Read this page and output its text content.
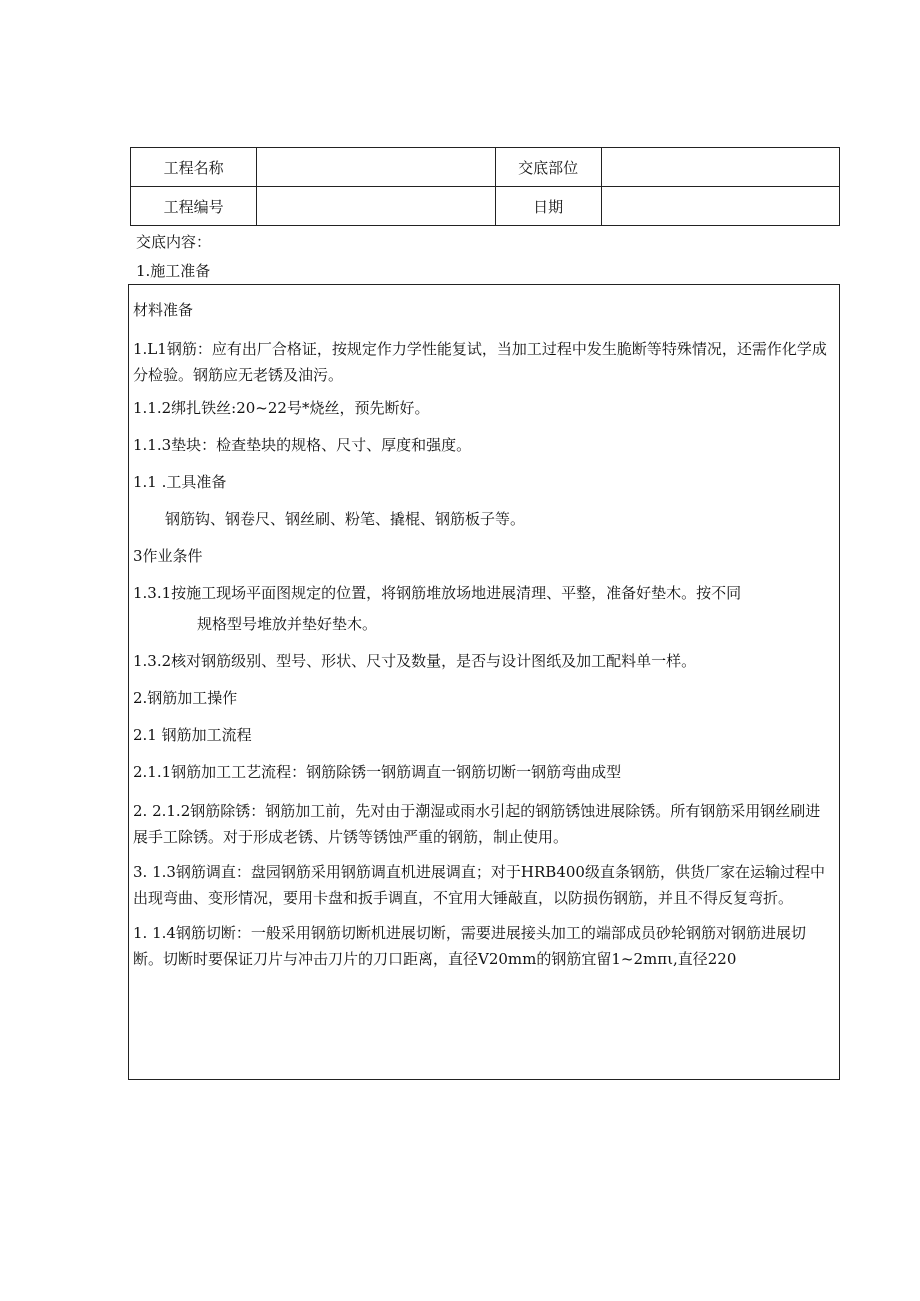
工程名称		交底部位	
工程编号		日期	
交底内容：
1.施工准备

材料准备

1.L1钢筋：应有出厂合格证，按规定作力学性能复试，当加工过程中发生脆断等特殊情况，还需作化学成分检验。钢筋应无老锈及油污。

1.1.2绑扎铁丝:20~22号*烧丝，预先断好。

1.1.3垫块：检查垫块的规格、尺寸、厚度和强度。

1.1 .工具准备

钢筋钩、钢卷尺、钢丝刷、粉笔、撬棍、钢筋板子等。

3作业条件

1.3.1按施工现场平面图规定的位置，将钢筋堆放场地进展清理、平整，准备好垫木。按不同
规格型号堆放并垫好垫木。

1.3.2核对钢筋级别、型号、形状、尺寸及数量，是否与设计图纸及加工配料单一样。

2.钢筋加工操作

2.1 钢筋加工流程

2.1.1钢筋加工工艺流程：钢筋除锈一钢筋调直一钢筋切断一钢筋弯曲成型

2. 2.1.2钢筋除锈：钢筋加工前，先对由于潮湿或雨水引起的钢筋锈蚀进展除锈。所有钢筋采用钢丝刷进展手工除锈。对于形成老锈、片锈等锈蚀严重的钢筋，制止使用。

3. 1.3钢筋调直：盘园钢筋采用钢筋调直机进展调直；对于HRB400级直条钢筋，供货厂家在运输过程中出现弯曲、变形情况，要用卡盘和扳手调直，不宜用大锤敲直，以防损伤钢筋，并且不得反复弯折。

1. 1.4钢筋切断：一般采用钢筋切断机进展切断，需要进展接头加工的端部成员砂轮钢筋对钢筋进展切断。切断时要保证刀片与冲击刀片的刀口距离，直径V20mm的钢筋宜留1~2mπι,直径220
